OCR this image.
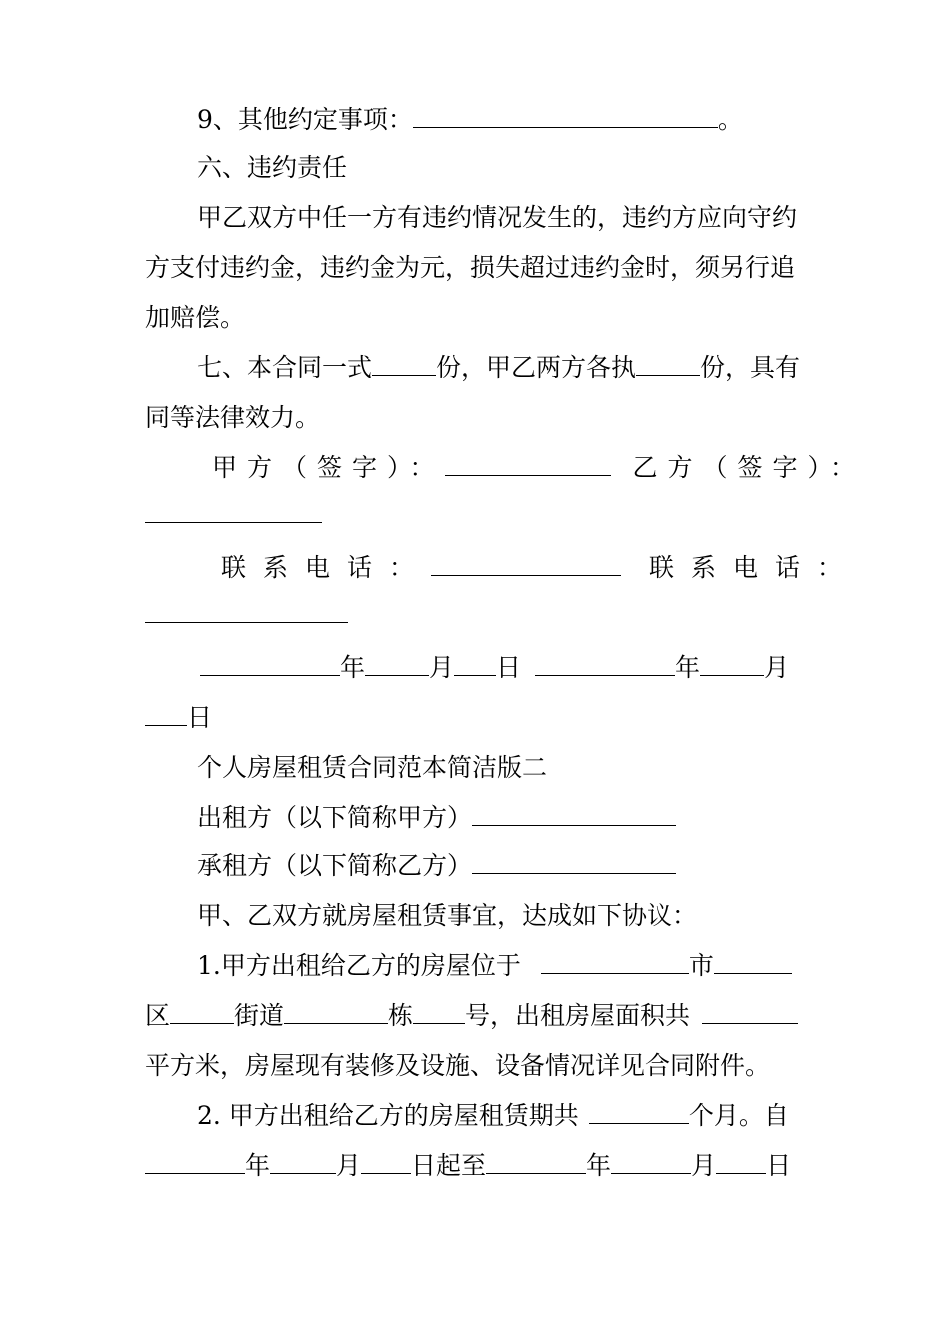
9、其他约定事项：	。
六、违约责任
甲乙双方中任一方有违约情况发生的，违约方应向守约
方支付违约金，违约金为元，损失超过违约金时，须另行追
加赔偿。
七、本合同一式	份，甲乙两方各执	份，具有
同等法律效力。
甲方（签字）：	乙方（签字）：
联系电话：	联系电话：
年	月 日	年	月
日
个人房屋租赁合同范本简洁版二
出租方（以下简称甲方）
承租方（以下简称乙方）
甲、乙双方就房屋租赁事宜，达成如下协议：
1.甲方出租给乙方的房屋位于	市
区	街道	栋 号，出租房屋面积共
平方米，房屋现有装修及设施、设备情况详见合同附件。
2. 甲方出租给乙方的房屋租赁期共	个月。自
年	月 日起至	年	月 日
